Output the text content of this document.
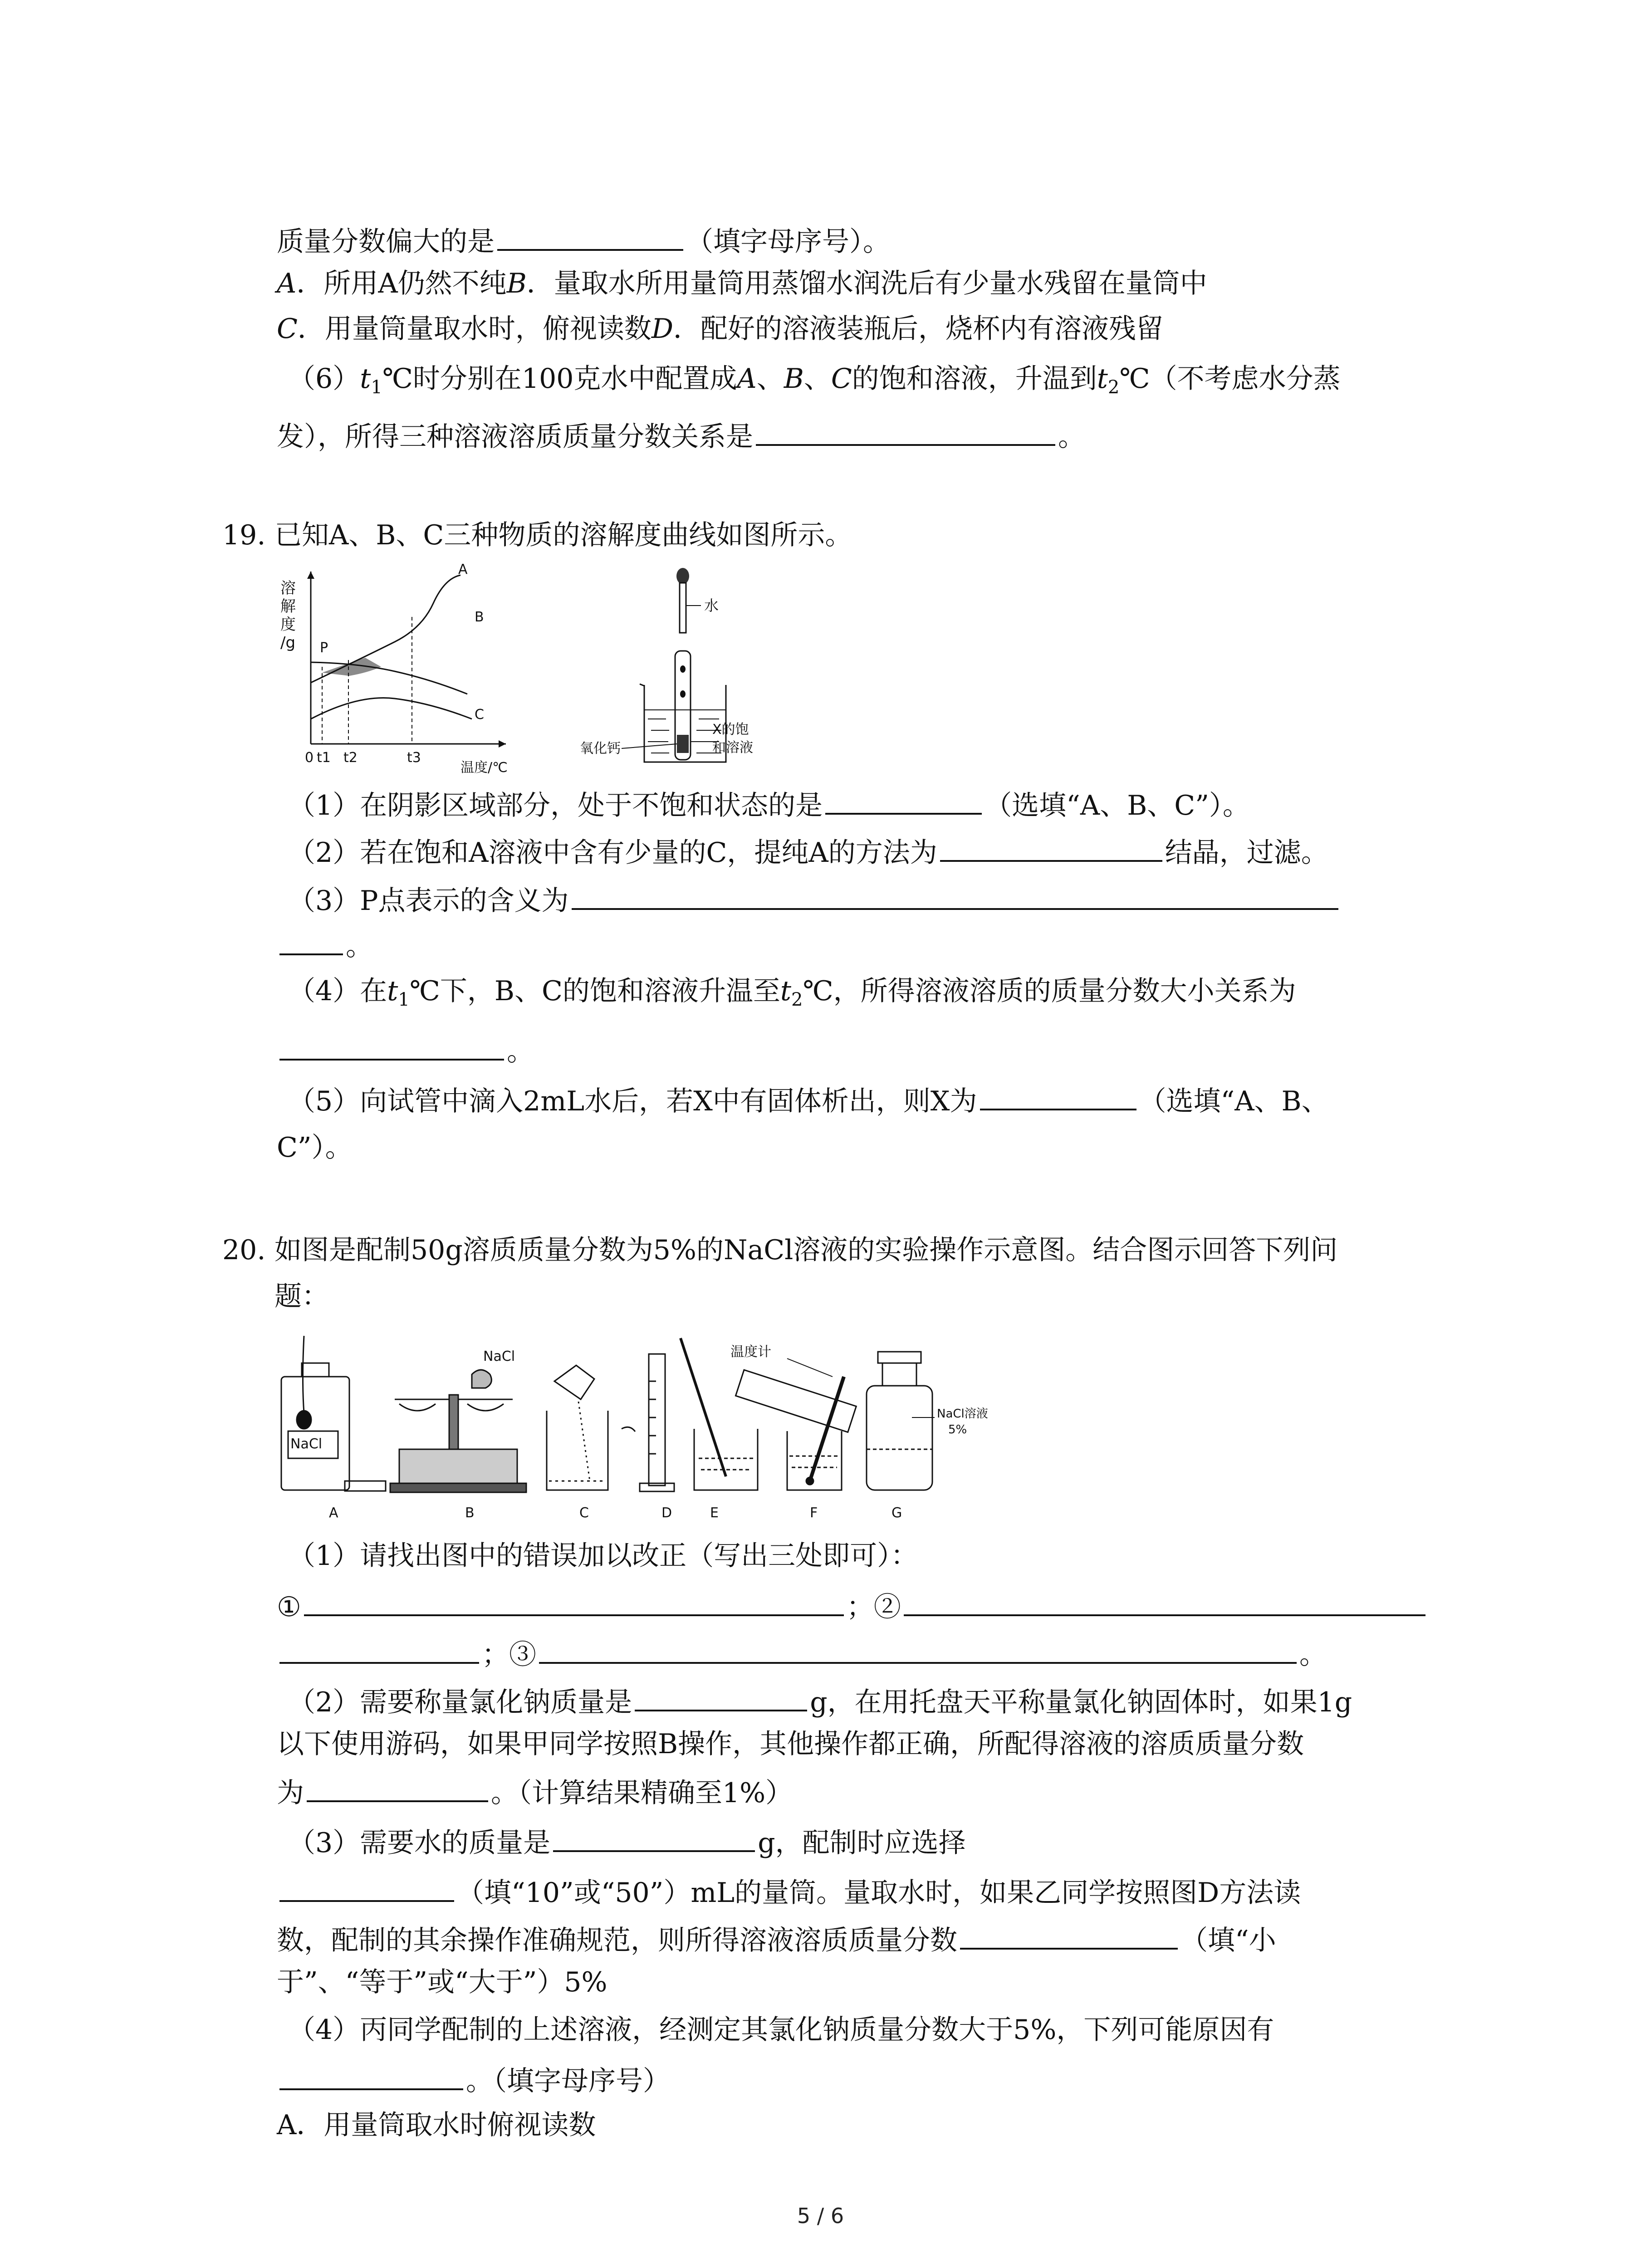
质量分数偏大的是	（填字母序号）。
A．所用A仍然不纯B．量取水所用量筒用蒸馏水润洗后有少量水残留在量筒中
C．用量筒量取水时，俯视读数D．配好的溶液装瓶后，烧杯内有溶液残留
$(6)t_1℃$时分别在100克水中配置成A、B、C的饱和溶液，升温到$t_2℃$（不考虑水分蒸
发），所得三种溶液溶质质量分数关系是	。
19. 已知A、B、C三种物质的溶解度曲线如图所示。
溶
解
度
/g P
A
B
C
0 t1 t2	t3
温度/℃
水
氧化钙
X的饱
和溶液
（1）在阴影区域部分，处于不饱和状态的是	（选填“A、B、C”）。
（2）若在饱和A溶液中含有少量的C，提纯A的方法为	结晶，过滤。
（3）P点表示的含义为
。
（4）在$t_1℃$下，B、C的饱和溶液升温至$t_2℃$，所得溶液溶质的质量分数大小关系为
。
（5）向试管中滴入2mL水后，若X中有固体析出，则X为	（选填“A、B、
C”）。
20. 如图是配制50g溶质质量分数为5%的NaCl溶液的实验操作示意图。结合图示回答下列问
题：
NaCl
NaCl	温度计
NaCl溶液
5%
A	B	C	D	E	F	G
（1）请找出图中的错误加以改正（写出三处即可）：
①	；②
；③	。
（2）需要称量氯化钠质量是	g，在用托盘天平称量氯化钠固体时，如果1g
以下使用游码，如果甲同学按照B操作，其他操作都正确，所配得溶液的溶质质量分数
为	。（计算结果精确至1%）
（3）需要水的质量是	g，配制时应选择
（填“10”或“50”）mL的量筒。量取水时，如果乙同学按照图D方法读
数，配制的其余操作准确规范，则所得溶液溶质质量分数	（填“小
于”、“等于”或“大于”）5%
（4）丙同学配制的上述溶液，经测定其氯化钠质量分数大于5%，下列可能原因有
。（填字母序号）
A．用量筒取水时俯视读数
5 / 6
